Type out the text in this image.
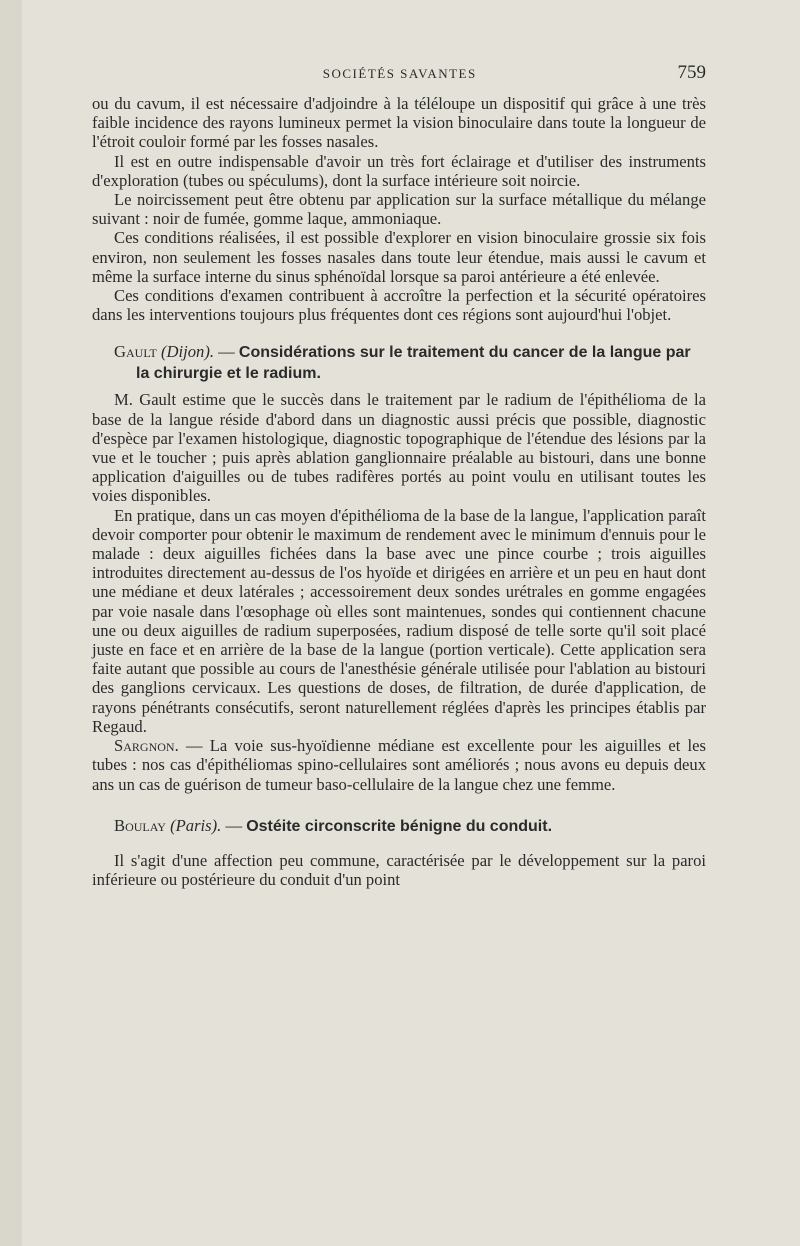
SOCIÉTÉS SAVANTES	759

ou du cavum, il est nécessaire d'adjoindre à la téléloupe un dispositif qui grâce à une très faible incidence des rayons lumineux permet la vision binoculaire dans toute la longueur de l'étroit couloir formé par les fosses nasales.

Il est en outre indispensable d'avoir un très fort éclairage et d'utiliser des instruments d'exploration (tubes ou spéculums), dont la surface intérieure soit noircie.

Le noircissement peut être obtenu par application sur la surface métallique du mélange suivant : noir de fumée, gomme laque, ammoniaque.

Ces conditions réalisées, il est possible d'explorer en vision binoculaire grossie six fois environ, non seulement les fosses nasales dans toute leur étendue, mais aussi le cavum et même la surface interne du sinus sphénoïdal lorsque sa paroi antérieure a été enlevée.

Ces conditions d'examen contribuent à accroître la perfection et la sécurité opératoires dans les interventions toujours plus fréquentes dont ces régions sont aujourd'hui l'objet.

Gault (Dijon). — Considérations sur le traitement du cancer de la langue par la chirurgie et le radium.

M. Gault estime que le succès dans le traitement par le radium de l'épithélioma de la base de la langue réside d'abord dans un diagnostic aussi précis que possible, diagnostic d'espèce par l'examen histologique, diagnostic topographique de l'étendue des lésions par la vue et le toucher ; puis après ablation ganglionnaire préalable au bistouri, dans une bonne application d'aiguilles ou de tubes radifères portés au point voulu en utilisant toutes les voies disponibles.

En pratique, dans un cas moyen d'épithélioma de la base de la langue, l'application paraît devoir comporter pour obtenir le maximum de rendement avec le minimum d'ennuis pour le malade : deux aiguilles fichées dans la base avec une pince courbe ; trois aiguilles introduites directement au-dessus de l'os hyoïde et dirigées en arrière et un peu en haut dont une médiane et deux latérales ; accessoirement deux sondes urétrales en gomme engagées par voie nasale dans l'œsophage où elles sont maintenues, sondes qui contiennent chacune une ou deux aiguilles de radium superposées, radium disposé de telle sorte qu'il soit placé juste en face et en arrière de la base de la langue (portion verticale). Cette application sera faite autant que possible au cours de l'anesthésie générale utilisée pour l'ablation au bistouri des ganglions cervicaux. Les questions de doses, de filtration, de durée d'application, de rayons pénétrants consécutifs, seront naturellement réglées d'après les principes établis par Regaud.

Sargnon. — La voie sus-hyoïdienne médiane est excellente pour les aiguilles et les tubes : nos cas d'épithéliomas spino-cellulaires sont améliorés ; nous avons eu depuis deux ans un cas de guérison de tumeur baso-cellulaire de la langue chez une femme.

Boulay (Paris). — Ostéite circonscrite bénigne du conduit.

Il s'agit d'une affection peu commune, caractérisée par le développement sur la paroi inférieure ou postérieure du conduit d'un point
